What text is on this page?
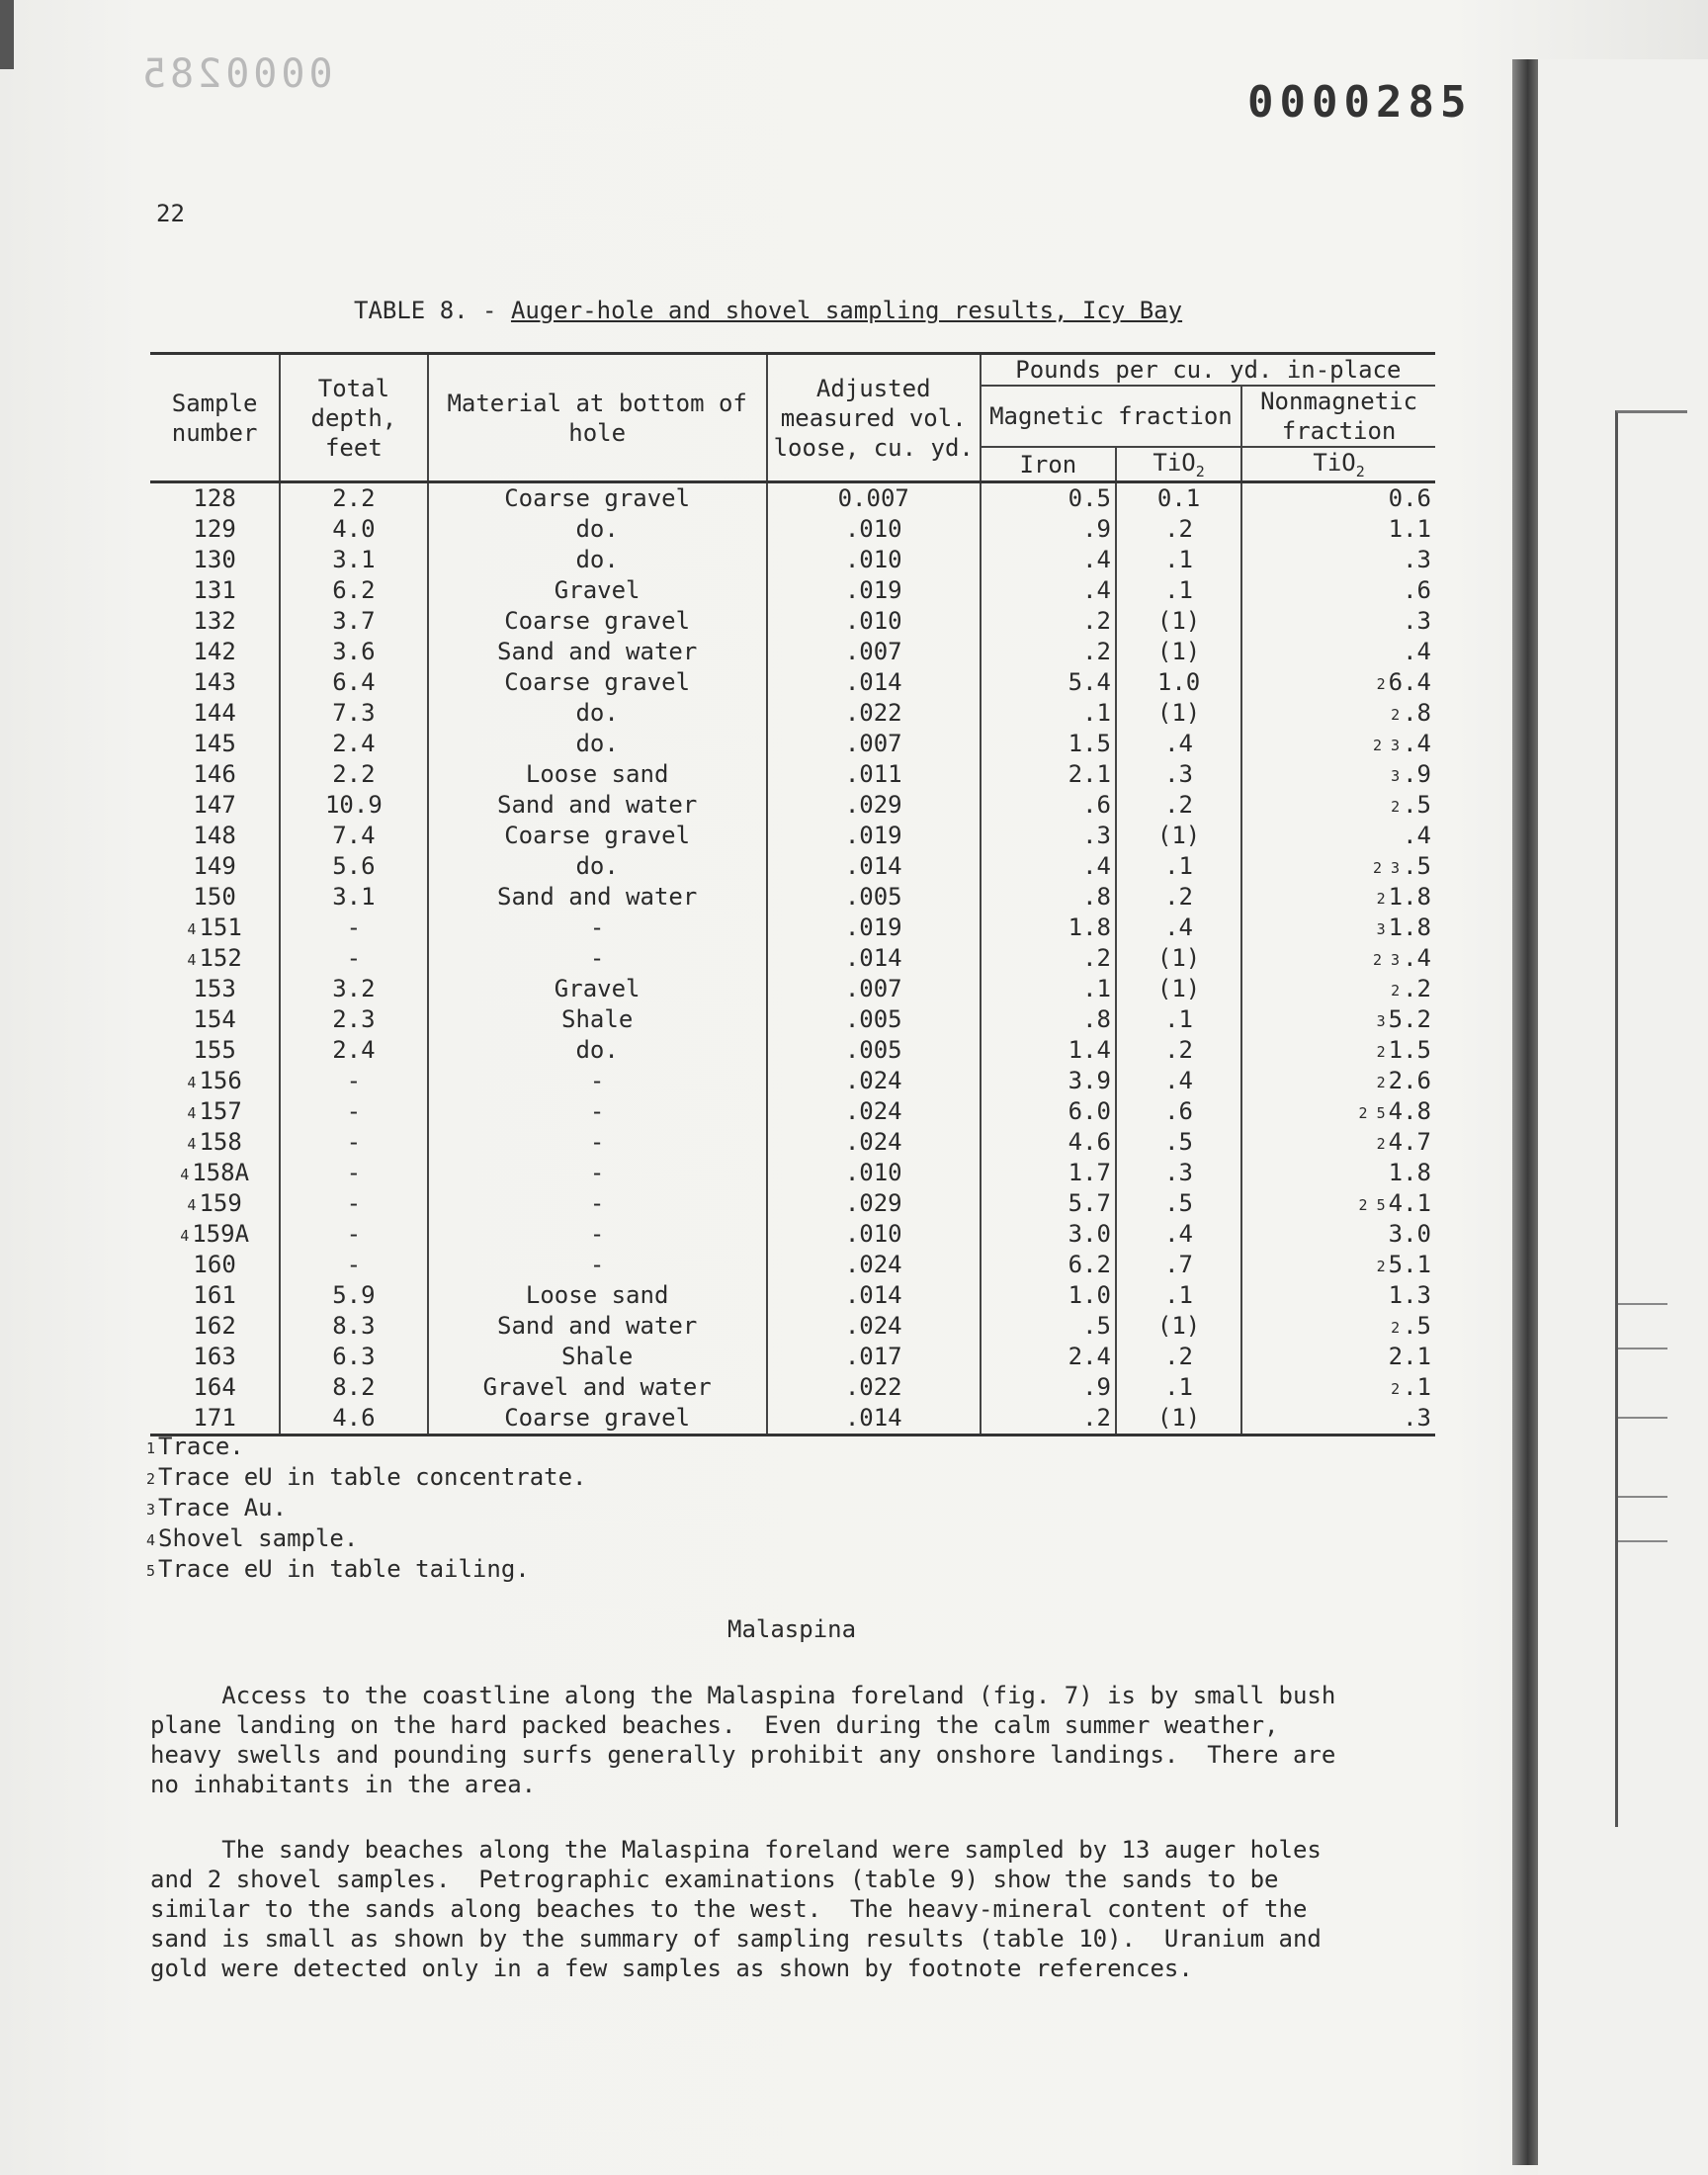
0000285
0000285
22
TABLE 8. - Auger-hole and shovel sampling results, Icy Bay
Sample number	Total depth, feet	Material at bottom of hole	Adjusted measured vol. loose, cu. yd.	Pounds per cu. yd. in-place		
				Magnetic fraction		Nonmagnetic fraction
				Iron	TiO$_2$	TiO$_2$
128	2.2	Coarse gravel	0.007	0.5	0.1	0.6
129	4.0	do.	.010	.9	.2	1.1
130	3.1	do.	.010	.4	.1	.3
131	6.2	Gravel	.019	.4	.1	.6
132	3.7	Coarse gravel	.010	.2	(1)	.3
142	3.6	Sand and water	.007	.2	(1)	.4
143	6.4	Coarse gravel	.014	5.4	1.0	$^2$ 6.4
144	7.3	do.	.022	.1	(1)	$^2$ .8
145	2.4	do.	.007	1.5	.4	$^{2 3}$ .4
146	2.2	Loose sand	.011	2.1	.3	$^3$ .9
147	10.9	Sand and water	.029	.6	.2	$^2$ .5
148	7.4	Coarse gravel	.019	.3	(1)	.4
149	5.6	do.	.014	.4	.1	$^{2 3}$ .5
150	3.1	Sand and water	.005	.8	.2	$^2$ 1.8
$^4$ 151	-	-	.019	1.8	.4	$^3$ 1.8
$^4$ 152	-	-	.014	.2	(1)	$^{2 3}$ .4
153	3.2	Gravel	.007	.1	(1)	$^2$ .2
154	2.3	Shale	.005	.8	.1	$^3$ 5.2
155	2.4	do.	.005	1.4	.2	$^2$ 1.5
$^4$ 156	-	-	.024	3.9	.4	$^2$ 2.6
$^4$ 157	-	-	.024	6.0	.6	$^{2 5}$ 4.8
$^4$ 158	-	-	.024	4.6	.5	$^2$ 4.7
$^4$ 158A	-	-	.010	1.7	.3	1.8
$^4$ 159	-	-	.029	5.7	.5	$^{2 5}$ 4.1
$^4$ 159A	-	-	.010	3.0	.4	3.0
160	-	-	.024	6.2	.7	$^2$ 5.1
161	5.9	Loose sand	.014	1.0	.1	1.3
162	8.3	Sand and water	.024	.5	(1)	$^2$ .5
163	6.3	Shale	.017	2.4	.2	2.1
164	8.2	Gravel and water	.022	.9	.1	$^2$ .1
171	4.6	Coarse gravel	.014	.2	(1)	.3
$^1$ Trace.
$^2$ Trace eU in table concentrate.
$^3$ Trace Au.
$^4$ Shovel sample.
$^5$ Trace eU in table tailing.
Malaspina
Access to the coastline along the Malaspina foreland (fig. 7) is by small bush
plane landing on the hard packed beaches.  Even during the calm summer weather,
heavy swells and pounding surfs generally prohibit any onshore landings.  There are
no inhabitants in the area.
The sandy beaches along the Malaspina foreland were sampled by 13 auger holes
and 2 shovel samples.  Petrographic examinations (table 9) show the sands to be
similar to the sands along beaches to the west.  The heavy-mineral content of the
sand is small as shown by the summary of sampling results (table 10).  Uranium and
gold were detected only in a few samples as shown by footnote references.
